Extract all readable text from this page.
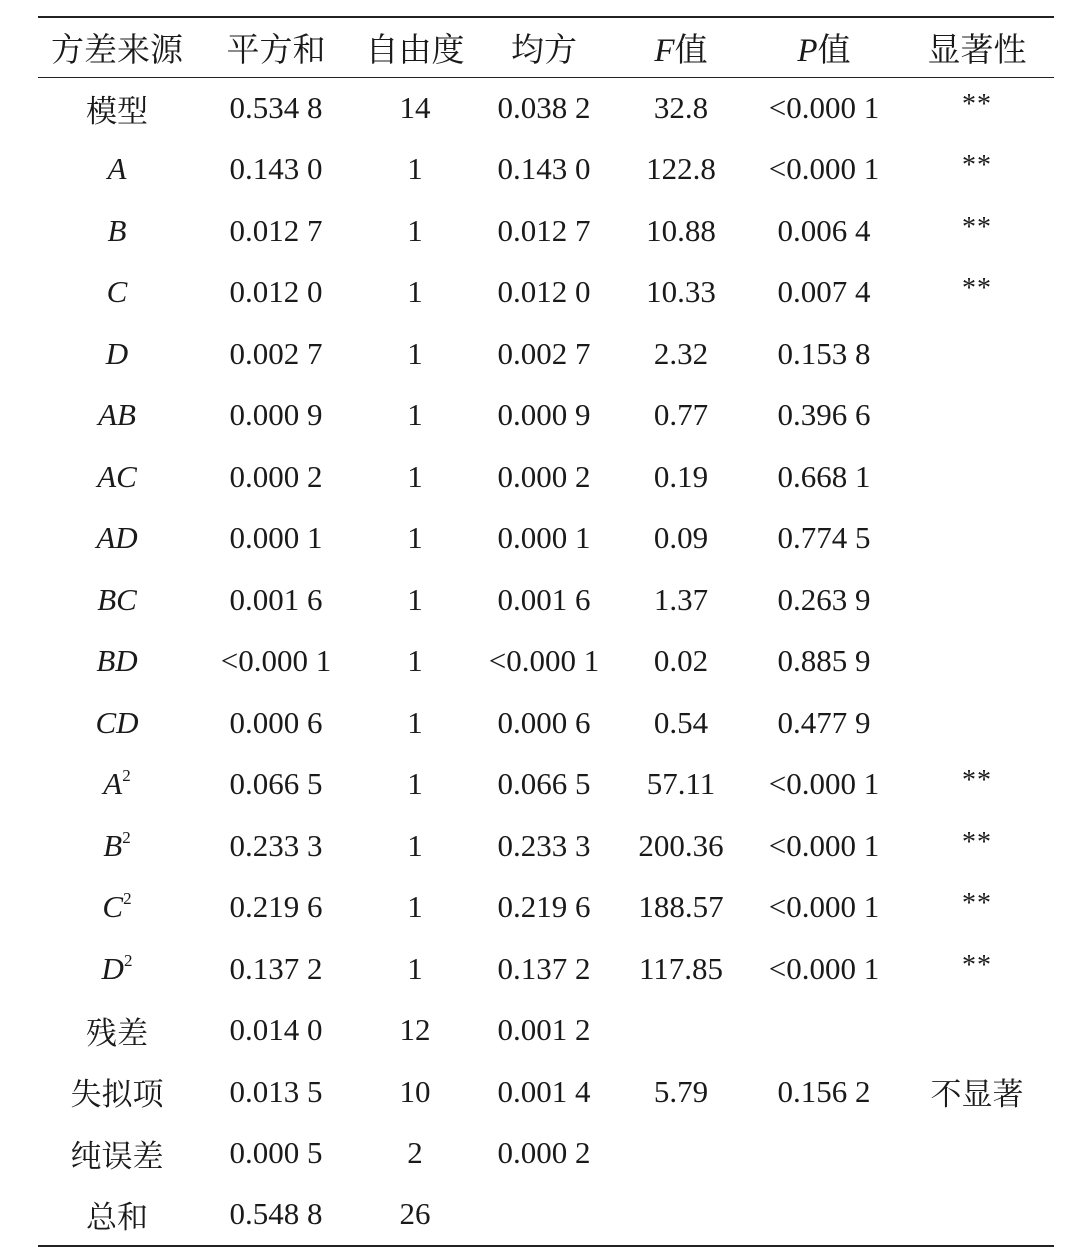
方差来源	平方和	自由度	均方	F值	P值	显著性
模型	0.534 8	14	0.038 2	32.8	<0.000 1	**
A	0.143 0	1	0.143 0	122.8	<0.000 1	**
B	0.012 7	1	0.012 7	10.88	0.006 4	**
C	0.012 0	1	0.012 0	10.33	0.007 4	**
D	0.002 7	1	0.002 7	2.32	0.153 8	
AB	0.000 9	1	0.000 9	0.77	0.396 6	
AC	0.000 2	1	0.000 2	0.19	0.668 1	
AD	0.000 1	1	0.000 1	0.09	0.774 5	
BC	0.001 6	1	0.001 6	1.37	0.263 9	
BD	<0.000 1	1	<0.000 1	0.02	0.885 9	
CD	0.000 6	1	0.000 6	0.54	0.477 9	
$A^2$	0.066 5	1	0.066 5	57.11	<0.000 1	**
$B^2$	0.233 3	1	0.233 3	200.36	<0.000 1	**
$C^2$	0.219 6	1	0.219 6	188.57	<0.000 1	**
$D^2$	0.137 2	1	0.137 2	117.85	<0.000 1	**
残差	0.014 0	12	0.001 2			
失拟项	0.013 5	10	0.001 4	5.79	0.156 2	不显著
纯误差	0.000 5	2	0.000 2			
总和	0.548 8	26				
